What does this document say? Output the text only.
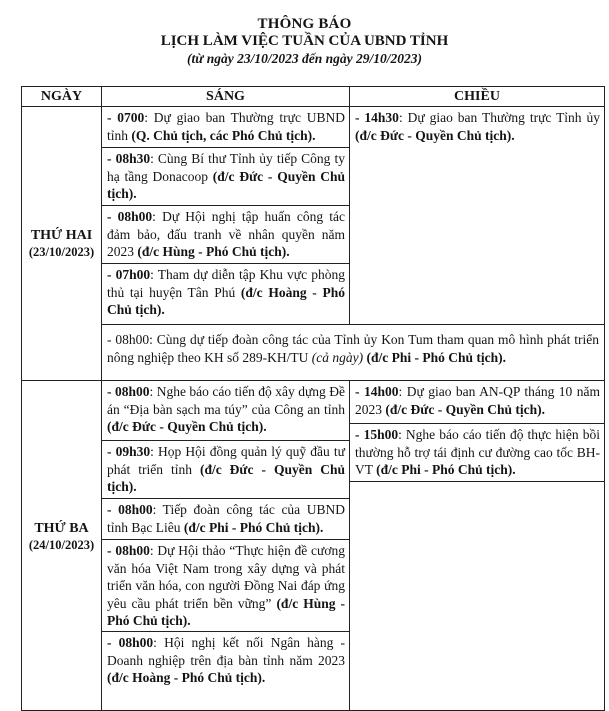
THÔNG BÁO
LỊCH LÀM VIỆC TUẦN CỦA UBND TỈNH
(từ ngày 23/10/2023 đến ngày 29/10/2023)
NGÀY	SÁNG	CHIỀU
THỨ HAI
(23/10/2023)
- 0700: Dự giao ban Thường trực UBND tỉnh (Q. Chủ tịch, các Phó Chủ tịch).
- 08h30: Cùng Bí thư Tỉnh ủy tiếp Công ty hạ tầng Donacoop (đ/c Đức - Quyền Chủ tịch).
- 08h00: Dự Hội nghị tập huấn công tác đảm bảo, đấu tranh về nhân quyền năm 2023 (đ/c Hùng - Phó Chủ tịch).
- 07h00: Tham dự diễn tập Khu vực phòng thủ tại huyện Tân Phú (đ/c Hoàng - Phó Chủ tịch).
- 14h30: Dự giao ban Thường trực Tỉnh ủy (đ/c Đức - Quyền Chủ tịch).
- 08h00: Cùng dự tiếp đoàn công tác của Tỉnh ủy Kon Tum tham quan mô hình phát triển nông nghiệp theo KH số 289-KH/TU (cả ngày) (đ/c Phi - Phó Chủ tịch).
THỨ BA
(24/10/2023)
- 08h00: Nghe báo cáo tiến độ xây dựng Đề án “Địa bàn sạch ma túy” của Công an tỉnh (đ/c Đức - Quyền Chủ tịch).
- 09h30: Họp Hội đồng quản lý quỹ đầu tư phát triển tỉnh (đ/c Đức - Quyền Chủ tịch).
- 08h00: Tiếp đoàn công tác của UBND tỉnh Bạc Liêu (đ/c Phi - Phó Chủ tịch).
- 08h00: Dự Hội thảo “Thực hiện đề cương văn hóa Việt Nam trong xây dựng và phát triển văn hóa, con người Đồng Nai đáp ứng yêu cầu phát triển bền vững” (đ/c Hùng - Phó Chủ tịch).
- 08h00: Hội nghị kết nối Ngân hàng - Doanh nghiệp trên địa bàn tỉnh năm 2023 (đ/c Hoàng - Phó Chủ tịch).
- 14h00: Dự giao ban AN-QP tháng 10 năm 2023 (đ/c Đức - Quyền Chủ tịch).
- 15h00: Nghe báo cáo tiến độ thực hiện bồi thường hỗ trợ tái định cư đường cao tốc BH-VT (đ/c Phi - Phó Chủ tịch).
